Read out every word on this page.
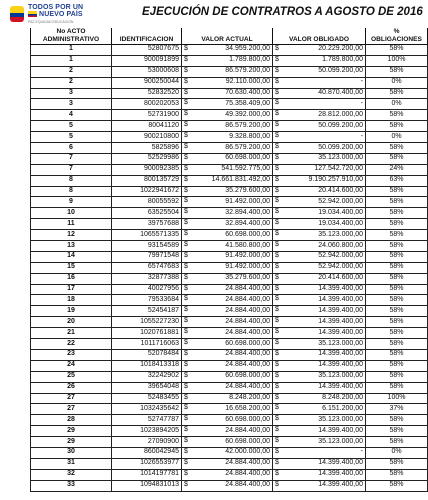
TODOS POR UN
NUEVO PAÍS
PAZ EQUIDAD EDUCACIÓN
EJECUCIÓN DE CONTRATROS A AGOSTO DE 2016
No ACTO
ADMINISTRATIVO	IDENTIFICACION	VALOR ACTUAL	VALOR OBLIGADO	%
OBLIGACIONES
1	52807675	$ 34.959.200,00	$ 20.229.200,00	58%
1	900091899	$ 1.789.800,00	$ 1.789.800,00	100%
2	53000608	$ 86.579.200,00	$ 50.099.200,00	58%
2	900250044	$ 92.110.000,00	$ -	0%
3	52832520	$ 70.630.400,00	$ 40.870.400,00	58%
3	800202053	$ 75.358.409,00	$ -	0%
4	52731900	$ 49.392.000,00	$ 28.812.000,00	58%
5	80041120	$ 86.579.200,00	$ 50.099.200,00	58%
5	900210800	$ 9.328.800,00	$ -	0%
6	5825896	$ 86.579.200,00	$ 50.099.200,00	58%
7	52529986	$ 60.698.000,00	$ 35.123.000,00	58%
7	900092385	$ 541.592.775,00	$ 127.542.720,00	24%
8	800135729	$ 14.661.831.492,00	$ 9.190.257.910,00	63%
8	1022941672	$ 35.279.600,00	$ 20.414.600,00	58%
9	80055592	$ 91.492.000,00	$ 52.942.000,00	58%
10	63525504	$ 32.894.400,00	$ 19.034.400,00	58%
11	39757688	$ 32.894.400,00	$ 19.034.400,00	58%
12	1065571335	$ 60.698.000,00	$ 35.123.000,00	58%
13	93154589	$ 41.580.800,00	$ 24.060.800,00	58%
14	79971548	$ 91.492.000,00	$ 52.942.000,00	58%
15	65747683	$ 91.492.000,00	$ 52.942.000,00	58%
16	32877388	$ 35.279.600,00	$ 20.414.600,00	58%
17	40027956	$ 24.884.400,00	$ 14.399.400,00	58%
18	79533684	$ 24.884.400,00	$ 14.399.400,00	58%
19	52454187	$ 24.884.400,00	$ 14.399.400,00	58%
20	1055227230	$ 24.884.400,00	$ 14.399.400,00	58%
21	1020761881	$ 24.884.400,00	$ 14.399.400,00	58%
22	1011716063	$ 60.698.000,00	$ 35.123.000,00	58%
23	52078484	$ 24.884.400,00	$ 14.399.400,00	58%
24	1018413318	$ 24.884.400,00	$ 14.399.400,00	58%
25	32242902	$ 60.698.000,00	$ 35.123.000,00	58%
26	39654048	$ 24.884.400,00	$ 14.399.400,00	58%
27	52483455	$ 8.248.200,00	$ 8.248.200,00	100%
27	1032435642	$ 16.658.200,00	$ 6.151.200,00	37%
28	52747787	$ 60.698.000,00	$ 35.123.000,00	58%
29	1023894205	$ 24.884.400,00	$ 14.399.400,00	58%
29	27090900	$ 60.698.000,00	$ 35.123.000,00	58%
30	860042945	$ 42.000.000,00	$ -	0%
31	1026553977	$ 24.884.400,00	$ 14.399.400,00	58%
32	1014197781	$ 24.884.400,00	$ 14.399.400,00	58%
33	1094831013	$ 24.884.400,00	$ 14.399.400,00	58%
